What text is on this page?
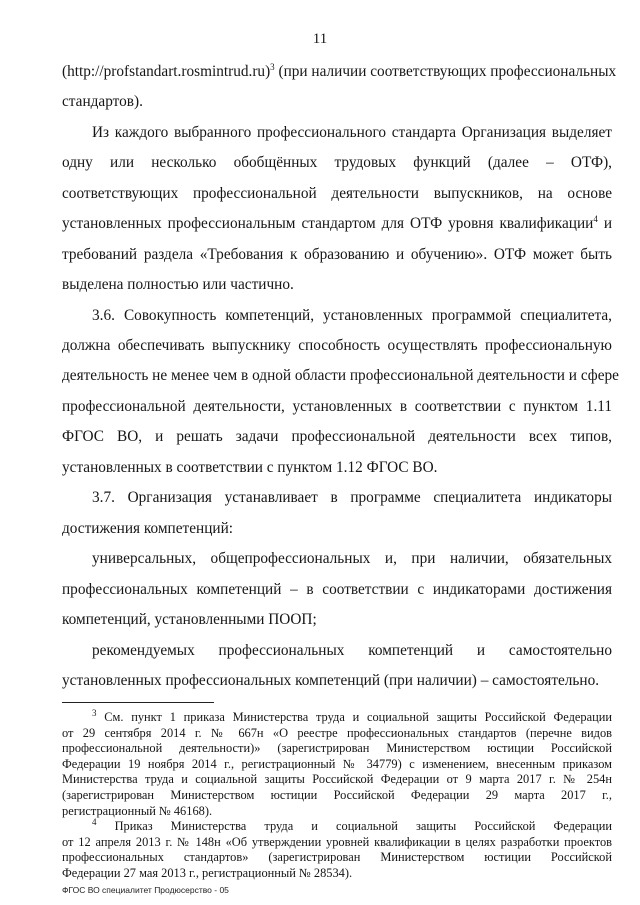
11
(http://profstandart.rosmintrud.ru)$^3$ (при наличии соответствующих профессиональных
стандартов).
Из каждого выбранного профессионального стандарта Организация выделяет
одну или несколько обобщённых трудовых функций (далее – ОТФ),
соответствующих профессиональной деятельности выпускников, на основе
установленных профессиональным стандартом для ОТФ уровня квалификации$^4$ и
требований раздела «Требования к образованию и обучению». ОТФ может быть
выделена полностью или частично.
3.6. Совокупность компетенций, установленных программой специалитета,
должна обеспечивать выпускнику способность осуществлять профессиональную
деятельность не менее чем в одной области профессиональной деятельности и сфере
профессиональной деятельности, установленных в соответствии с пунктом 1.11
ФГОС ВО, и решать задачи профессиональной деятельности всех типов,
установленных в соответствии с пунктом 1.12 ФГОС ВО.
3.7. Организация устанавливает в программе специалитета индикаторы
достижения компетенций:
универсальных, общепрофессиональных и, при наличии, обязательных
профессиональных компетенций – в соответствии с индикаторами достижения
компетенций, установленными ПООП;
рекомендуемых профессиональных компетенций и самостоятельно
установленных профессиональных компетенций (при наличии) – самостоятельно.
$^3$ См. пункт 1 приказа Министерства труда и социальной защиты Российской Федерации
от 29 сентября 2014 г. № 667н «О реестре профессиональных стандартов (перечне видов
профессиональной деятельности)» (зарегистрирован Министерством юстиции Российской
Федерации 19 ноября 2014 г., регистрационный № 34779) с изменением, внесенным приказом
Министерства труда и социальной защиты Российской Федерации от 9 марта 2017 г. № 254н
(зарегистрирован Министерством юстиции Российской Федерации 29 марта 2017 г.,
регистрационный № 46168).
$^4$ Приказ Министерства труда и социальной защиты Российской Федерации
от 12 апреля 2013 г. № 148н «Об утверждении уровней квалификации в целях разработки проектов
профессиональных стандартов» (зарегистрирован Министерством юстиции Российской
Федерации 27 мая 2013 г., регистрационный № 28534).
ФГОС ВО специалитет Продюсерство - 05
